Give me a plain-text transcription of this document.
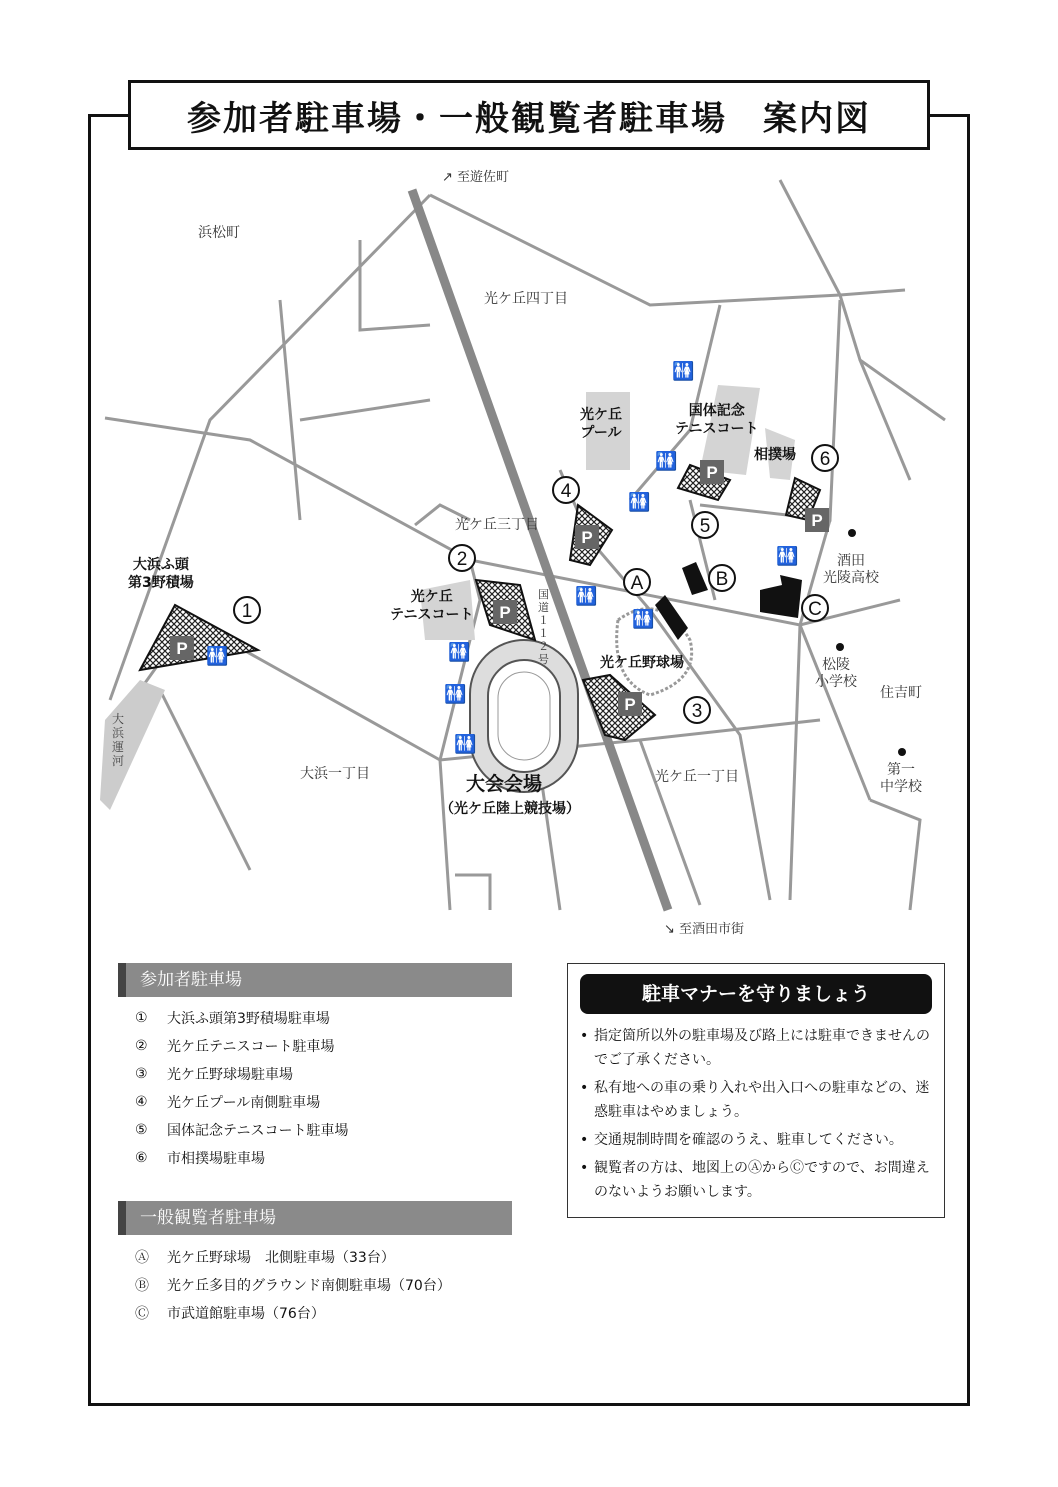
参加者駐車場・一般観覧者駐車場　案内図
P
P
P
P
P
P
1
2
3
4
5
6
A	B
C
🚻
🚻
🚻
🚻
🚻
🚻
🚻
🚻
🚻
🚻
↗ 至遊佐町
↘ 至酒田市街
浜松町
光ケ丘四丁目
光ケ丘三丁目
大浜一丁目	光ケ丘一丁目
住吉町
光ケ丘
プール
国体記念
テニスコート
相撲場
大浜ふ頭
第3野積場
光ケ丘
テニスコート
光ケ丘野球場
大会会場
（光ケ丘陸上競技場）
酒田
光陵高校
松陵
小学校
第一
中学校
大浜運河
国道１１２号
参加者駐車場
①	大浜ふ頭第3野積場駐車場
②	光ケ丘テニスコート駐車場
③	光ケ丘野球場駐車場
④	光ケ丘プール南側駐車場
⑤	国体記念テニスコート駐車場
⑥	市相撲場駐車場
一般観覧者駐車場
Ⓐ	光ケ丘野球場　北側駐車場（33台）
Ⓑ	光ケ丘多目的グラウンド南側駐車場（70台）
Ⓒ	市武道館駐車場（76台）
駐車マナーを守りましょう
• 指定箇所以外の駐車場及び路上には駐車できませんのでご了承ください。
• 私有地への車の乗り入れや出入口への駐車などの、迷惑駐車はやめましょう。
• 交通規制時間を確認のうえ、駐車してください。
• 観覧者の方は、地図上のⒶからⒸですので、お間違えのないようお願いします。
